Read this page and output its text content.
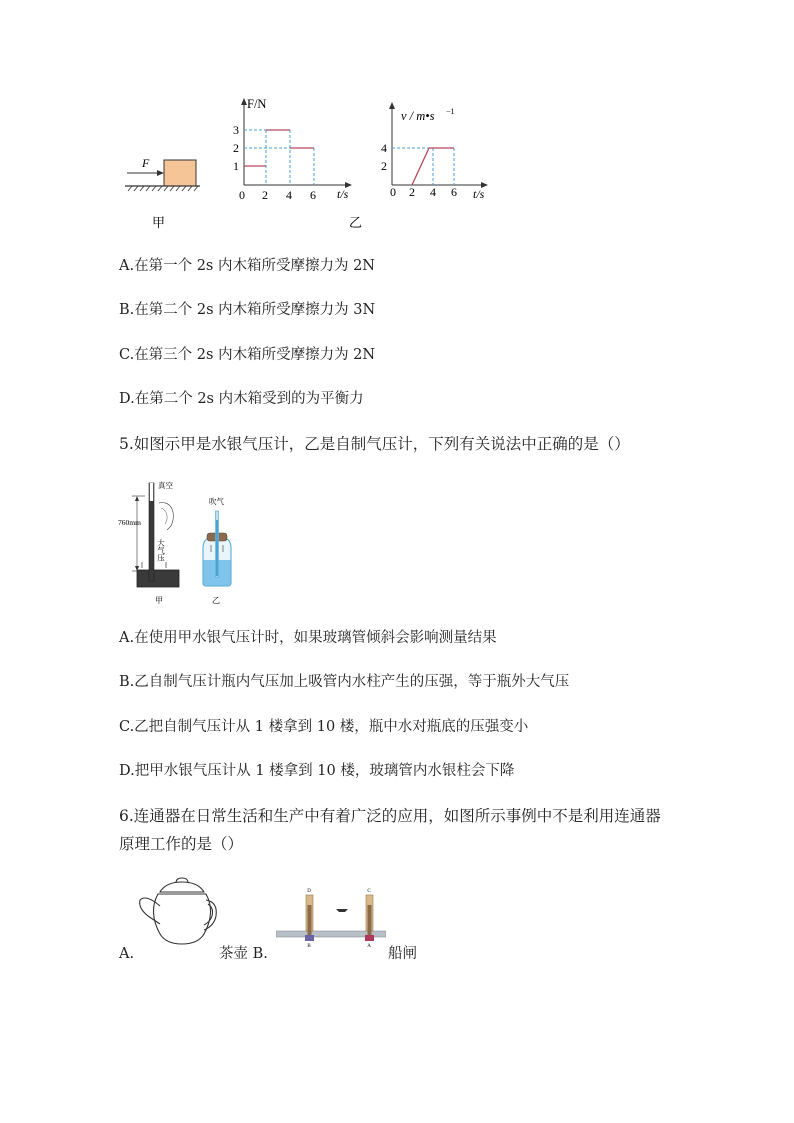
F
甲
F/N
t/s
3
2
1
0 2 4 6
乙
v / m•s −1
t/s
4
2
0 2 4 6
A.在第一个 2s 内木箱所受摩擦力为 2N
B.在第二个 2s 内木箱所受摩擦力为 3N
C.在第三个 2s 内木箱所受摩擦力为 2N
D.在第二个 2s 内木箱受到的为平衡力
5.如图示甲是水银气压计，乙是自制气压计，下列有关说法中正确的是（）
真空
760mm
大气压
甲
吹气
乙
A.在使用甲水银气压计时，如果玻璃管倾斜会影响测量结果
B.乙自制气压计瓶内气压加上吸管内水柱产生的压强，等于瓶外大气压
C.乙把自制气压计从 1 楼拿到 10 楼，瓶中水对瓶底的压强变小
D.把甲水银气压计从 1 楼拿到 10 楼，玻璃管内水银柱会下降
6.连通器在日常生活和生产中有着广泛的应用，如图所示事例中不是利用连通器
原理工作的是（）
A.	茶壶 B.
D	C
B	A 船闸
